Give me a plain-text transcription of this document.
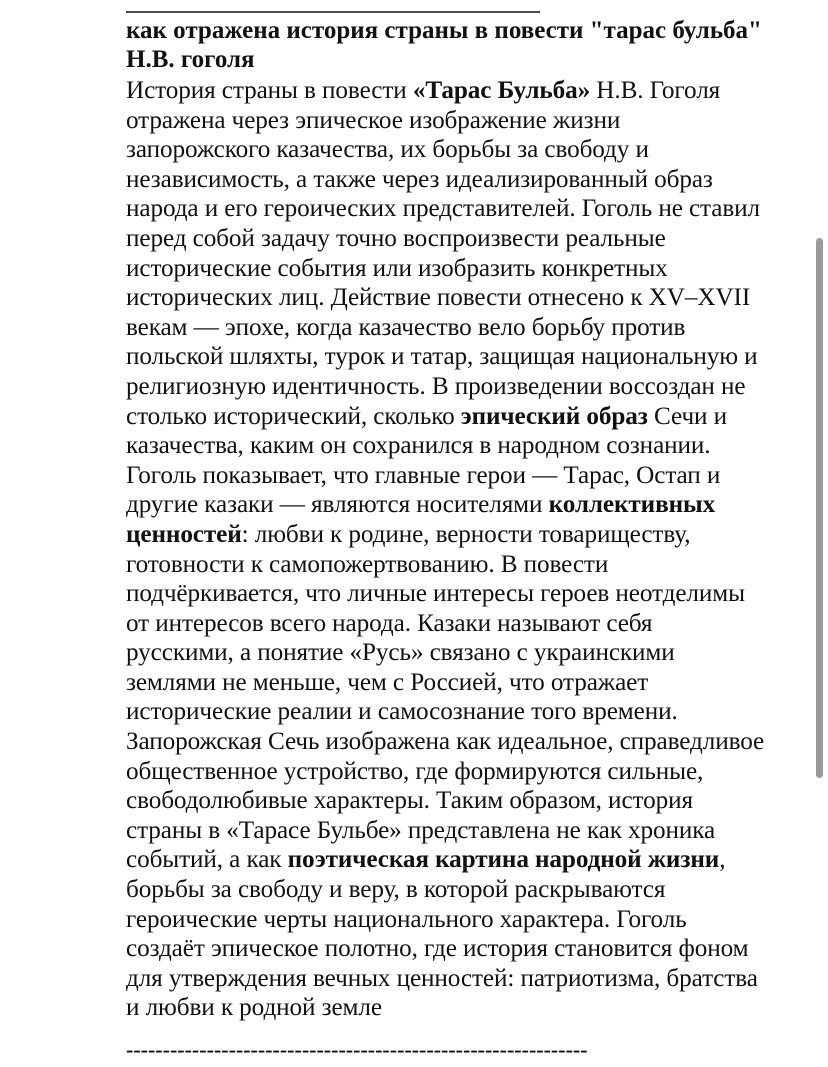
как отражена история страны в повести "тарас бульба" Н.В. гоголя

История страны в повести «Тарас Бульба» Н.В. Гоголя отражена через эпическое изображение жизни запорожского казачества, их борьбы за свободу и независимость, а также через идеализированный образ народа и его героических представителей. Гоголь не ставил перед собой задачу точно воспроизвести реальные исторические события или изобразить конкретных исторических лиц. Действие повести отнесено к XV–XVII векам — эпохе, когда казачество вело борьбу против польской шляхты, турок и татар, защищая национальную и религиозную идентичность. В произведении воссоздан не столько исторический, сколько эпический образ Сечи и казачества, каким он сохранился в народном сознании. Гоголь показывает, что главные герои — Тарас, Остап и другие казаки — являются носителями коллективных ценностей: любви к родине, верности товариществу, готовности к самопожертвованию. В повести подчёркивается, что личные интересы героев неотделимы от интересов всего народа. Казаки называют себя русскими, а понятие «Русь» связано с украинскими землями не меньше, чем с Россией, что отражает исторические реалии и самосознание того времени. Запорожская Сечь изображена как идеальное, справедливое общественное устройство, где формируются сильные, свободолюбивые характеры. Таким образом, история страны в «Тарасе Бульбе» представлена не как хроника событий, а как поэтическая картина народной жизни, борьбы за свободу и веру, в которой раскрываются героические черты национального характера. Гоголь создаёт эпическое полотно, где история становится фоном для утверждения вечных ценностей: патриотизма, братства и любви к родной земле

---------------------------------------------------------------
